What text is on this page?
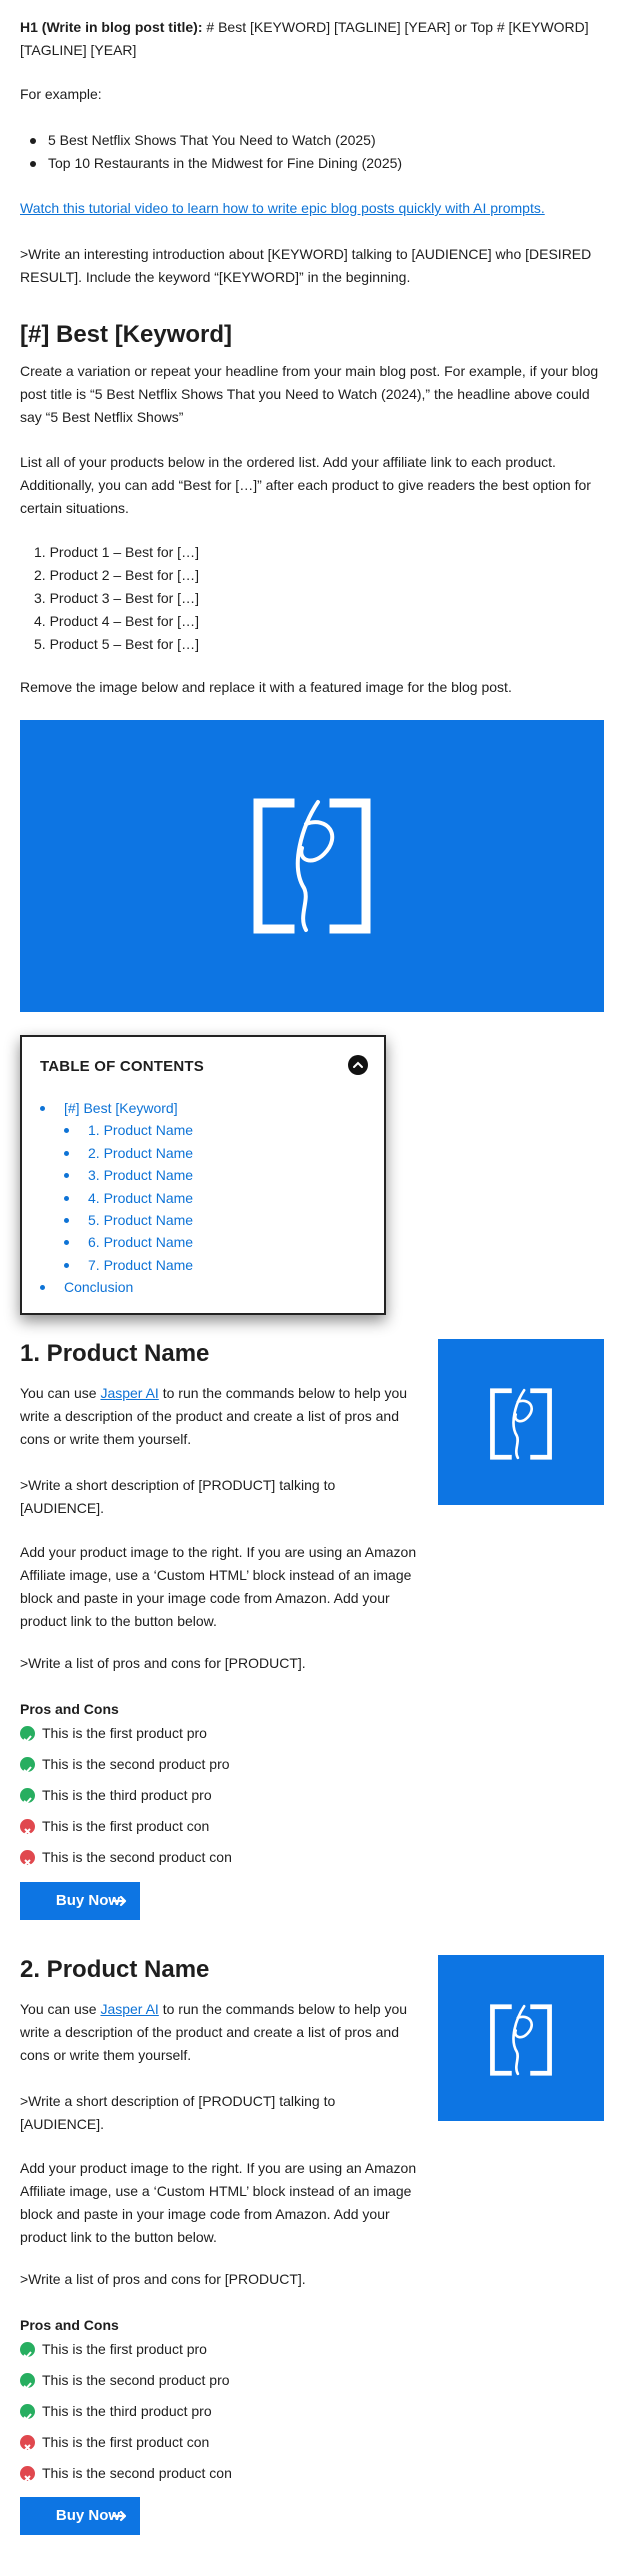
H1 (Write in blog post title): # Best [KEYWORD] [TAGLINE] [YEAR] or Top # [KEYWORD] [TAGLINE] [YEAR]

For example:

5 Best Netflix Shows That You Need to Watch (2025)
Top 10 Restaurants in the Midwest for Fine Dining (2025)
Watch this tutorial video to learn how to write epic blog posts quickly with AI prompts.

>Write an interesting introduction about [KEYWORD] talking to [AUDIENCE] who [DESIRED RESULT]. Include the keyword “[KEYWORD]” in the beginning.

[#] Best [Keyword]

Create a variation or repeat your headline from your main blog post. For example, if your blog post title is “5 Best Netflix Shows That you Need to Watch (2024),” the headline above could say “5 Best Netflix Shows”

List all of your products below in the ordered list. Add your affiliate link to each product. Additionally, you can add “Best for […]” after each product to give readers the best option for certain situations.

1. Product 1 – Best for […]
2. Product 2 – Best for […]
3. Product 3 – Best for […]
4. Product 4 – Best for […]
5. Product 5 – Best for […]

Remove the image below and replace it with a featured image for the blog post.

TABLE OF CONTENTS
[#] Best [Keyword]
1. Product Name
2. Product Name
3. Product Name
4. Product Name
5. Product Name
6. Product Name
7. Product Name
Conclusion
1. Product Name

You can use Jasper AI to run the commands below to help you write a description of the product and create a list of pros and cons or write them yourself.

>Write a short description of [PRODUCT] talking to [AUDIENCE].

Add your product image to the right. If you are using an Amazon Affiliate image, use a ‘Custom HTML’ block instead of an image block and paste in your image code from Amazon. Add your product link to the button below.

>Write a list of pros and cons for [PRODUCT].

Pros and Cons

This is the first product pro
This is the second product pro
This is the third product pro
This is the first product con
This is the second product con
Buy Now
2. Product Name

You can use Jasper AI to run the commands below to help you write a description of the product and create a list of pros and cons or write them yourself.

>Write a short description of [PRODUCT] talking to [AUDIENCE].

Add your product image to the right. If you are using an Amazon Affiliate image, use a ‘Custom HTML’ block instead of an image block and paste in your image code from Amazon. Add your product link to the button below.

>Write a list of pros and cons for [PRODUCT].

Pros and Cons

This is the first product pro
This is the second product pro
This is the third product pro
This is the first product con
This is the second product con
Buy Now
